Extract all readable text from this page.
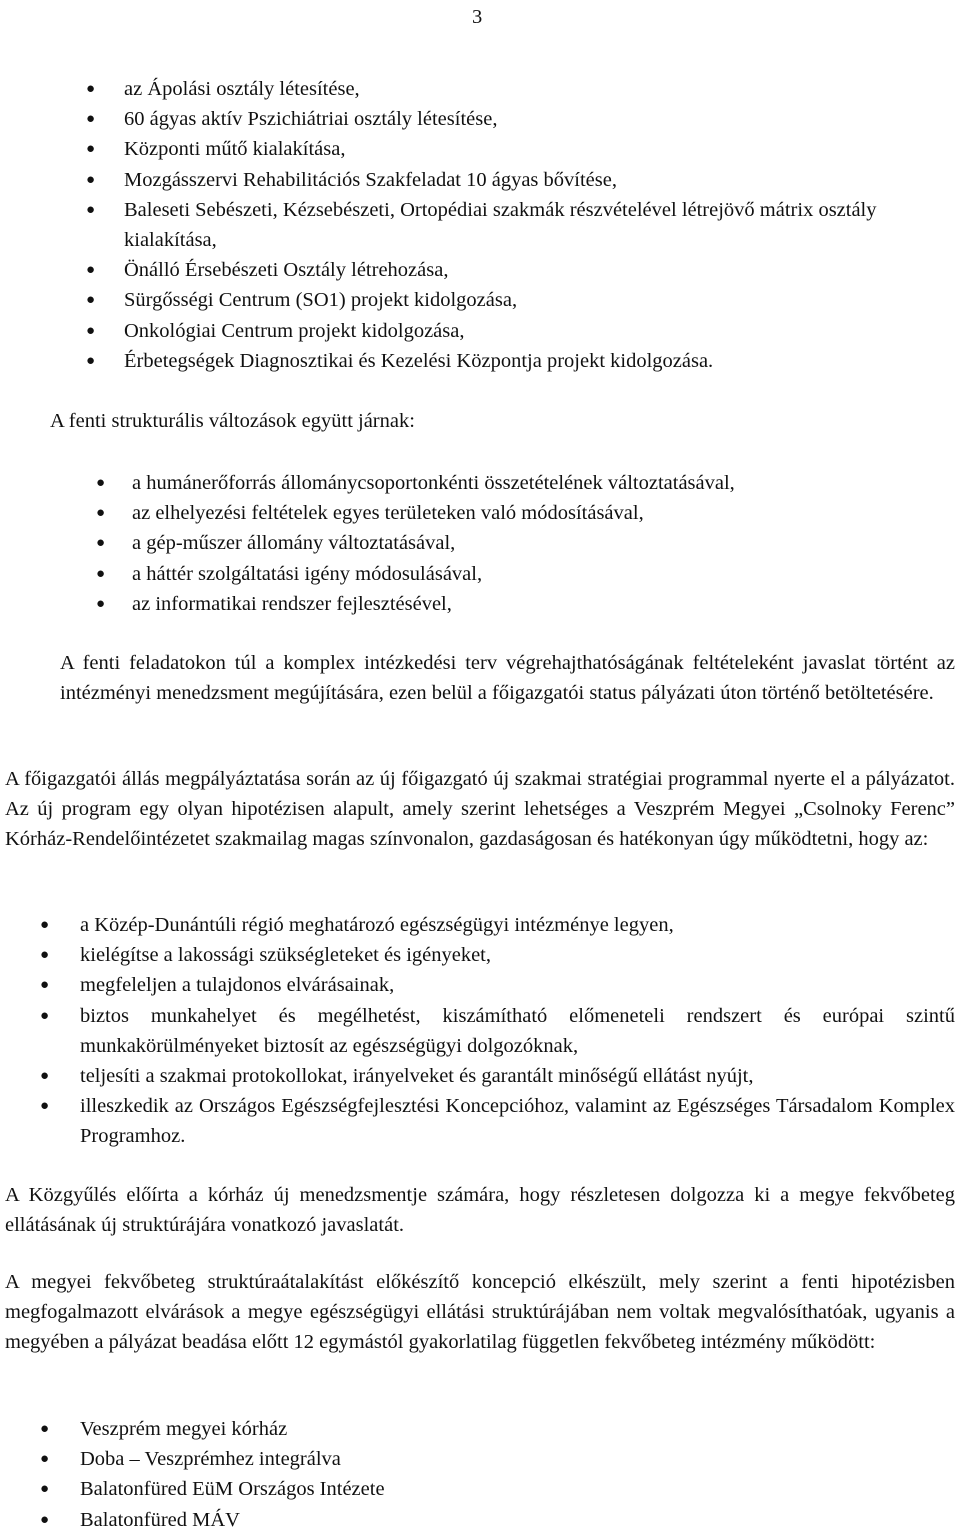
3
● az Ápolási osztály létesítése,
● 60 ágyas aktív Pszichiátriai osztály létesítése,
● Központi műtő kialakítása,
● Mozgásszervi Rehabilitációs Szakfeladat 10 ágyas bővítése,
● Baleseti Sebészeti, Kézsebészeti, Ortopédiai szakmák részvételével létrejövő mátrix osztály kialakítása,
● Önálló Érsebészeti Osztály létrehozása,
● Sürgősségi Centrum (SO1) projekt kidolgozása,
● Onkológiai Centrum projekt kidolgozása,
● Érbetegségek Diagnosztikai és Kezelési Központja projekt kidolgozása.

A fenti strukturális változások együtt járnak:

● a humánerőforrás állománycsoportonkénti összetételének változtatásával,
● az elhelyezési feltételek egyes területeken való módosításával,
● a gép-műszer állomány változtatásával,
● a háttér szolgáltatási igény módosulásával,
● az informatikai rendszer fejlesztésével,

A fenti feladatokon túl a komplex intézkedési terv végrehajthatóságának feltételeként javaslat történt az intézményi menedzsment megújítására, ezen belül a főigazgatói status pályázati úton történő betöltetésére.

A főigazgatói állás megpályáztatása során az új főigazgató új szakmai stratégiai programmal nyerte el a pályázatot. Az új program egy olyan hipotézisen alapult, amely szerint lehetséges a Veszprém Megyei „Csolnoky Ferenc” Kórház-Rendelőintézetet szakmailag magas színvonalon, gazdaságosan és hatékonyan úgy működtetni, hogy az:

● a Közép-Dunántúli régió meghatározó egészségügyi intézménye legyen,
● kielégítse a lakossági szükségleteket és igényeket,
● megfeleljen a tulajdonos elvárásainak,
● biztos munkahelyet és megélhetést, kiszámítható előmeneteli rendszert és európai szintű munkakörülményeket biztosít az egészségügyi dolgozóknak,
● teljesíti a szakmai protokollokat, irányelveket és garantált minőségű ellátást nyújt,
● illeszkedik az Országos Egészségfejlesztési Koncepcióhoz, valamint az Egészséges Társadalom Komplex Programhoz.

A Közgyűlés előírta a kórház új menedzsmentje számára, hogy részletesen dolgozza ki a megye fekvőbeteg ellátásának új struktúrájára vonatkozó javaslatát.

A megyei fekvőbeteg struktúraátalakítást előkészítő koncepció elkészült, mely szerint a fenti hipotézisben megfogalmazott elvárások a megye egészségügyi ellátási struktúrájában nem voltak megvalósíthatóak, ugyanis a megyében a pályázat beadása előtt 12 egymástól gyakorlatilag független fekvőbeteg intézmény működött:

● Veszprém megyei kórház
● Doba – Veszprémhez integrálva
● Balatonfüred EüM Országos Intézete
● Balatonfüred MÁV
